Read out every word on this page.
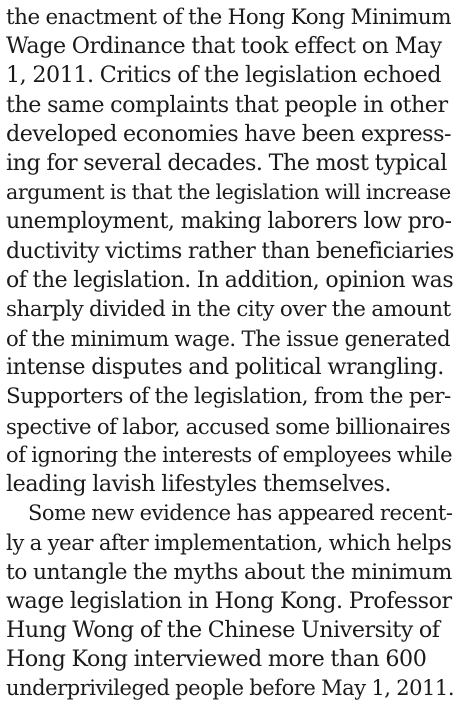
the enactment of the Hong Kong Minimum
Wage Ordinance that took effect on May
1, 2011. Critics of the legislation echoed
the same complaints that people in other
developed economies have been express-
ing for several decades. The most typical
argument is that the legislation will increase
unemployment, making laborers low pro-
ductivity victims rather than beneficiaries
of the legislation. In addition, opinion was
sharply divided in the city over the amount
of the minimum wage. The issue generated
intense disputes and political wrangling.
Supporters of the legislation, from the per-
spective of labor, accused some billionaires
of ignoring the interests of employees while
leading lavish lifestyles themselves.
Some new evidence has appeared recent-
ly a year after implementation, which helps
to untangle the myths about the minimum
wage legislation in Hong Kong. Professor
Hung Wong of the Chinese University of
Hong Kong interviewed more than 600
underprivileged people before May 1, 2011.
